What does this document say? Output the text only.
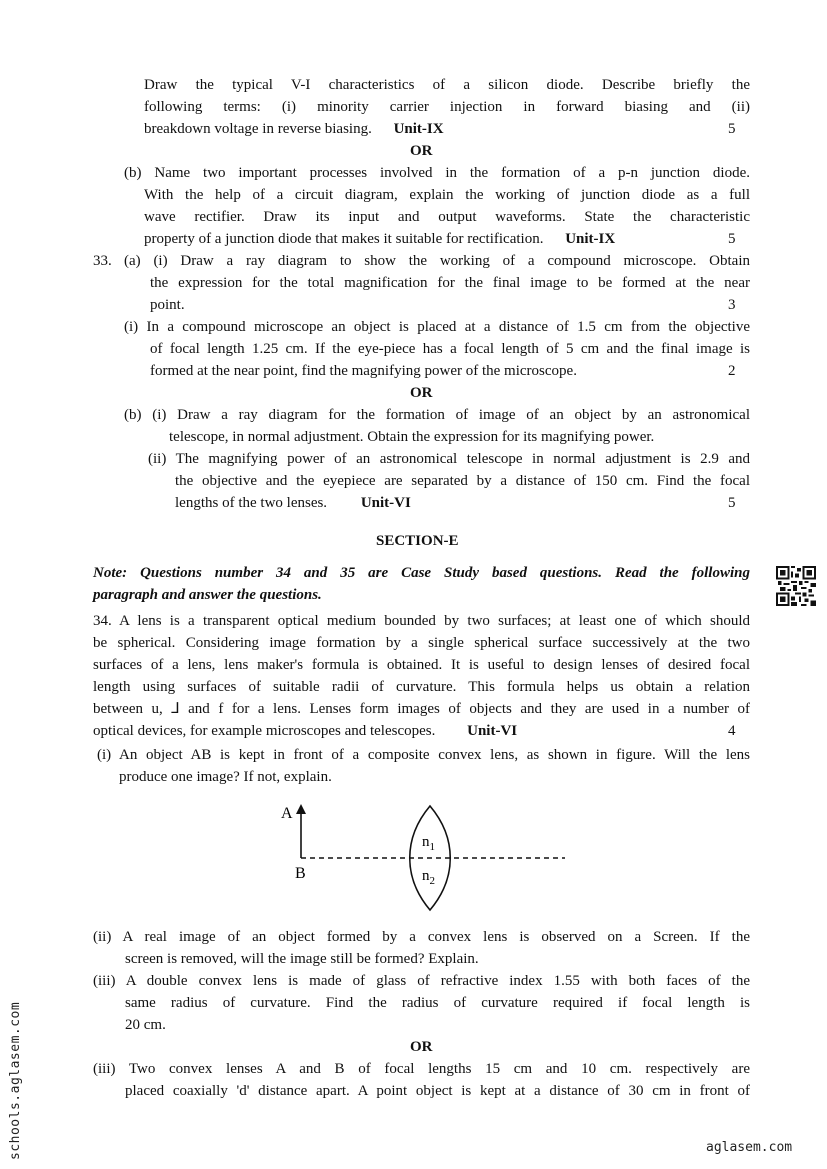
Draw the typical V-I characteristics of a silicon diode. Describe briefly the
following terms: (i) minority carrier injection in forward biasing and (ii)
breakdown voltage in reverse biasing. Unit-IX	5
OR
(b) Name two important processes involved in the formation of a p-n junction diode.
With the help of a circuit diagram, explain the working of junction diode as a full
wave rectifier. Draw its input and output waveforms. State the characteristic
property of a junction diode that makes it suitable for rectification. Unit-IX	5
33. (a) (i) Draw a ray diagram to show the working of a compound microscope. Obtain
the expression for the total magnification for the final image to be formed at the near
point.	3
(i) In a compound microscope an object is placed at a distance of 1.5 cm from the objective
of focal length 1.25 cm. If the eye-piece has a focal length of 5 cm and the final image is
formed at the near point, find the magnifying power of the microscope.	2
OR
(b) (i) Draw a ray diagram for the formation of image of an object by an astronomical
telescope, in normal adjustment. Obtain the expression for its magnifying power.
(ii) The magnifying power of an astronomical telescope in normal adjustment is 2.9 and
the objective and the eyepiece are separated by a distance of 150 cm. Find the focal
lengths of the two lenses. Unit-VI	5
SECTION-E
Note: Questions number 34 and 35 are Case Study based questions. Read the following
paragraph and answer the questions.
34. A lens is a transparent optical medium bounded by two surfaces; at least one of which should
be spherical. Considering image formation by a single spherical surface successively at the two
surfaces of a lens, lens maker's formula is obtained. It is useful to design lenses of desired focal
length using surfaces of suitable radii of curvature. This formula helps us obtain a relation
between u, ⅃ and f for a lens. Lenses form images of objects and they are used in a number of
optical devices, for example microscopes and telescopes. Unit-VI	4
(i) An object AB is kept in front of a composite convex lens, as shown in figure. Will the lens
produce one image? If not, explain.
A
B
$n_1$
$n_2$
(ii) A real image of an object formed by a convex lens is observed on a Screen. If the
screen is removed, will the image still be formed? Explain.
(iii) A double convex lens is made of glass of refractive index 1.55 with both faces of the
same radius of curvature. Find the radius of curvature required if focal length is
20 cm.
OR
(iii) Two convex lenses A and B of focal lengths 15 cm and 10 cm. respectively are
placed coaxially 'd' distance apart. A point object is kept at a distance of 30 cm in front of
schools.aglasem.com	aglasem.com
